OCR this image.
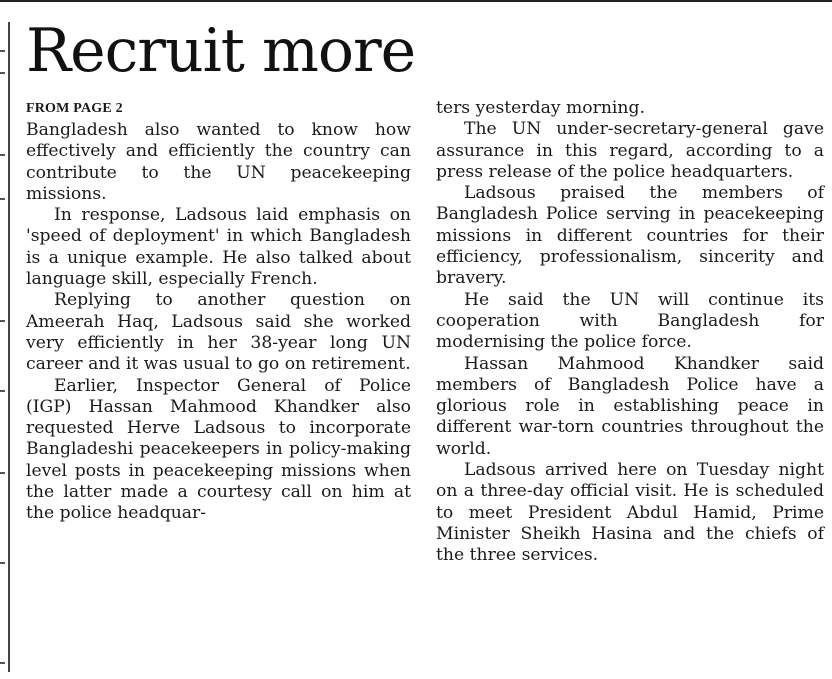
Recruit more
FROM PAGE 2

Bangladesh also wanted to know how effectively and efficiently the country can contribute to the UN peacekeeping missions.

In response, Ladsous laid emphasis on 'speed of deployment' in which Bangladesh is a unique example. He also talked about language skill, especially French.

Replying to another question on Ameerah Haq, Ladsous said she worked very efficiently in her 38-year long UN career and it was usual to go on retirement.

Earlier, Inspector General of Police (IGP) Hassan Mahmood Khandker also requested Herve Ladsous to incorporate Bangladeshi peacekeepers in policy-making level posts in peacekeeping missions when the latter made a courtesy call on him at the police headquar-

ters yesterday morning.

The UN under-secretary-general gave assurance in this regard, according to a press release of the police headquarters.

Ladsous praised the members of Bangladesh Police serving in peacekeeping missions in different countries for their efficiency, professionalism, sincerity and bravery.

He said the UN will continue its cooperation with Bangladesh for modernising the police force.

Hassan Mahmood Khandker said members of Bangladesh Police have a glorious role in establishing peace in different war-torn countries throughout the world.

Ladsous arrived here on Tuesday night on a three-day official visit. He is scheduled to meet President Abdul Hamid, Prime Minister Sheikh Hasina and the chiefs of the three services.
